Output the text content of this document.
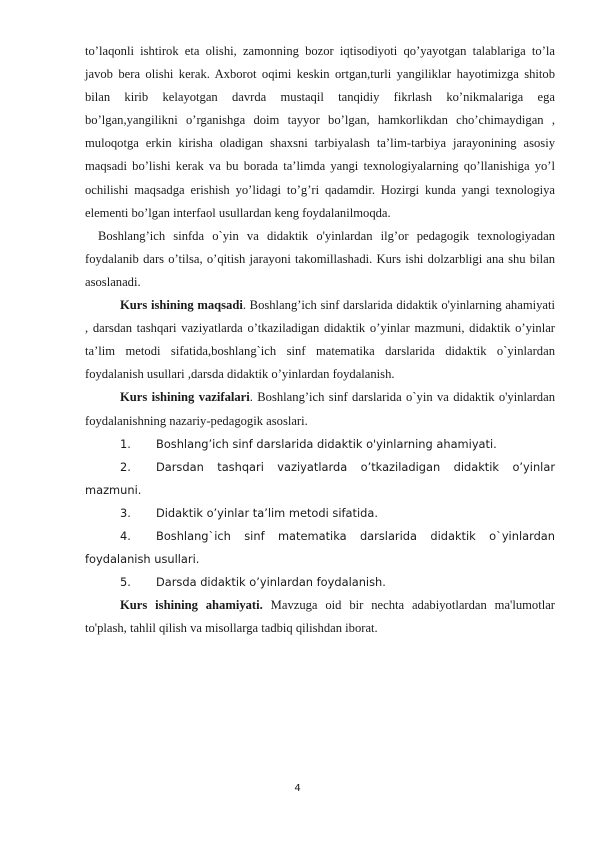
to’laqonli ishtirok eta olishi, zamonning bozor iqtisodiyoti qo’yayotgan talablariga to’la javob bera olishi kerak. Axborot oqimi keskin ortgan,turli yangiliklar hayotimizga shitob bilan kirib kelayotgan davrda mustaqil tanqidiy fikrlash ko’nikmalariga ega bo’lgan,yangilikni o’rganishga doim tayyor bo’lgan, hamkorlikdan cho’chimaydigan , muloqotga erkin kirisha oladigan shaxsni tarbiyalash ta’lim-tarbiya jarayonining asosiy maqsadi bo’lishi kerak va bu borada ta’limda yangi texnologiyalarning qo’llanishiga yo’l ochilishi maqsadga erishish yo’lidagi to’g’ri qadamdir. Hozirgi kunda yangi texnologiya elementi bo’lgan interfaol usullardan keng foydalanilmoqda.

Boshlang’ich sinfda o`yin va didaktik o'yinlardan ilg’or pedagogik texnologiyadan foydalanib dars o’tilsa, o’qitish jarayoni takomillashadi. Kurs ishi dolzarbligi ana shu bilan asoslanadi.

Kurs ishining maqsadi. Boshlang’ich sinf darslarida didaktik o'yinlarning ahamiyati , darsdan tashqari vaziyatlarda o’tkaziladigan didaktik o’yinlar mazmuni, didaktik o’yinlar ta’lim metodi sifatida,boshlang`ich sinf matematika darslarida didaktik o`yinlardan foydalanish usullari ,darsda didaktik o’yinlardan foydalanish.

Kurs ishining vazifalari. Boshlang’ich sinf darslarida o`yin va didaktik o'yinlardan foydalanishning nazariy-pedagogik asoslari.

1. Boshlang’ich sinf darslarida didaktik o'yinlarning ahamiyati.

2. Darsdan tashqari vaziyatlarda o’tkaziladigan didaktik o’yinlar mazmuni.

3. Didaktik o’yinlar ta’lim metodi sifatida.

4. Boshlang`ich sinf matematika darslarida didaktik o`yinlardan foydalanish usullari.

5. Darsda didaktik o’yinlardan foydalanish.

Kurs ishining ahamiyati. Mavzuga oid bir nechta adabiyotlardan ma'lumotlar to'plash, tahlil qilish va misollarga tadbiq qilishdan iborat.

4
